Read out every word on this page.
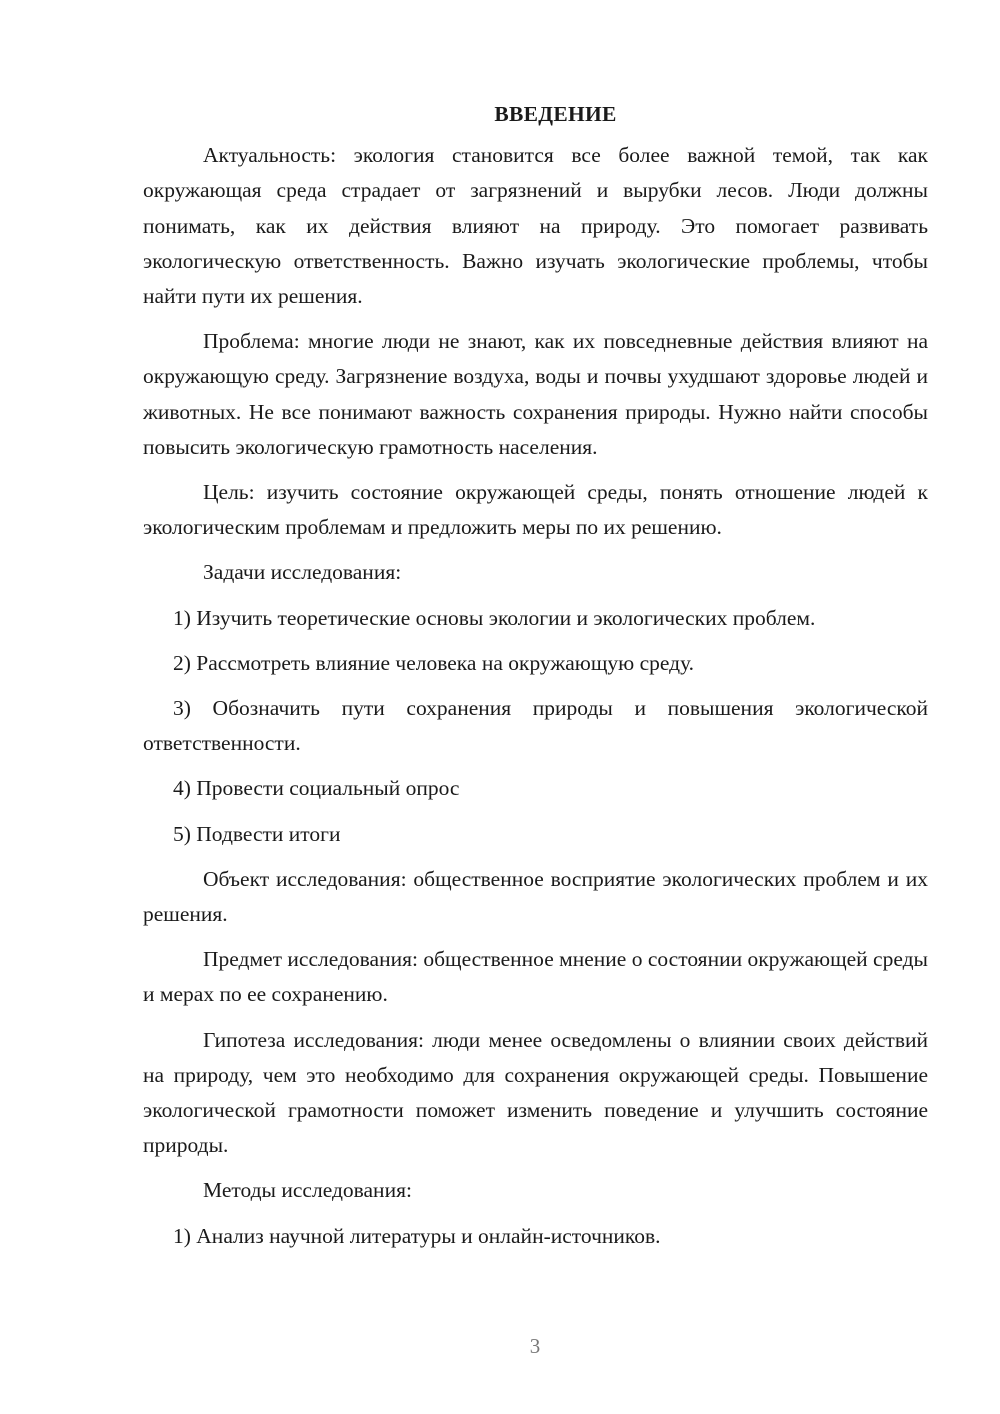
ВВЕДЕНИЕ

Актуальность: экология становится все более важной темой, так как окружающая среда страдает от загрязнений и вырубки лесов. Люди должны понимать, как их действия влияют на природу. Это помогает развивать экологическую ответственность. Важно изучать экологические проблемы, чтобы найти пути их решения.

Проблема: многие люди не знают, как их повседневные действия влияют на окружающую среду. Загрязнение воздуха, воды и почвы ухудшают здоровье людей и животных. Не все понимают важность сохранения природы. Нужно найти способы повысить экологическую грамотность населения.

Цель: изучить состояние окружающей среды, понять отношение людей к экологическим проблемам и предложить меры по их решению.

Задачи исследования:

1) Изучить теоретические основы экологии и экологических проблем.

2) Рассмотреть влияние человека на окружающую среду.

3) Обозначить пути сохранения природы и повышения экологической ответственности.

4) Провести социальный опрос

5) Подвести итоги

Объект исследования: общественное восприятие экологических проблем и их решения.

Предмет исследования: общественное мнение о состоянии окружающей среды и мерах по ее сохранению.

Гипотеза исследования: люди менее осведомлены о влиянии своих действий на природу, чем это необходимо для сохранения окружающей среды. Повышение экологической грамотности поможет изменить поведение и улучшить состояние природы.

Методы исследования:

1) Анализ научной литературы и онлайн-источников.

3
